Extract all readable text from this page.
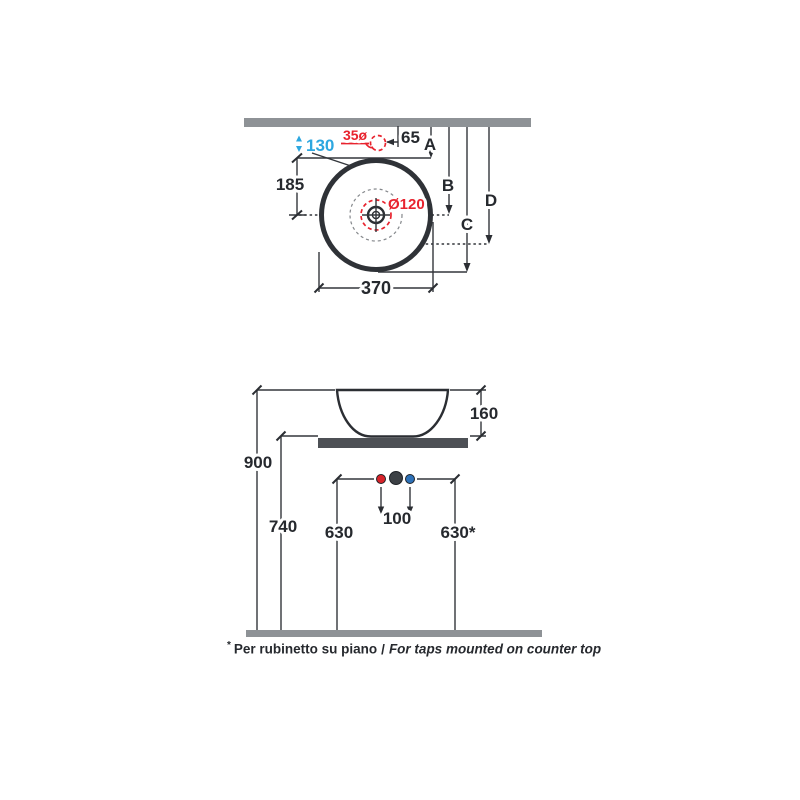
130
35ø 65 A
B
C
D
185
Ø120
370
900
740 630	630*
100
160
* Per rubinetto su piano / For taps mounted on counter top
